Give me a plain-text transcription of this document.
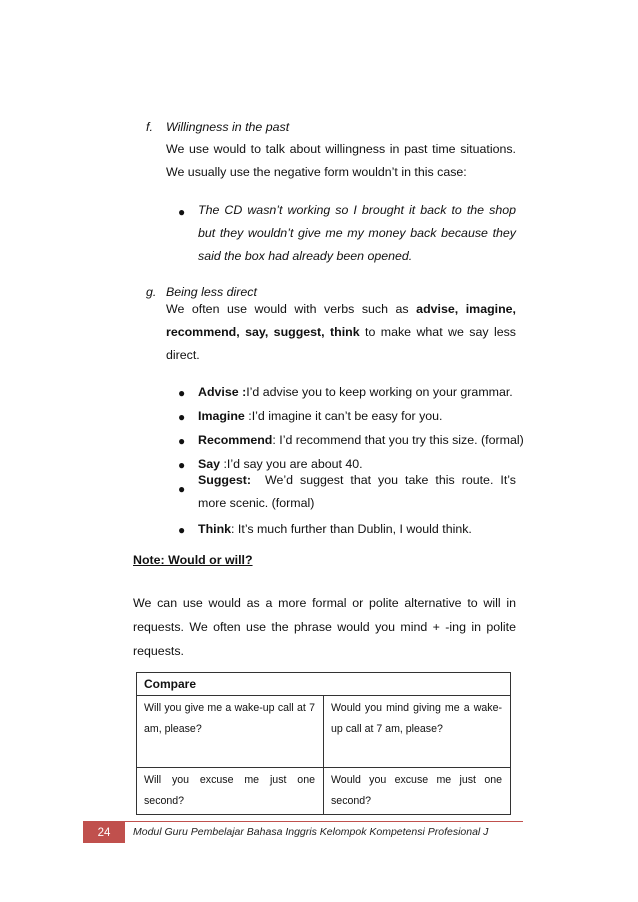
f. Willingness in the past
We use would to talk about willingness in past time situations. We usually use the negative form wouldn’t in this case:
● The CD wasn’t working so I brought it back to the shop but they wouldn’t give me my money back because they said the box had already been opened.
g. Being less direct
We often use would with verbs such as advise, imagine, recommend, say, suggest, think to make what we say less direct.
● Advise :I’d advise you to keep working on your grammar.
● Imagine :I’d imagine it can’t be easy for you.
● Recommend: I’d recommend that you try this size. (formal)
● Say :I’d say you are about 40.
●
Suggest: We’d suggest that you take this route. It’s more scenic. (formal)
● Think: It’s much further than Dublin, I would think.
Note: Would or will?
We can use would as a more formal or polite alternative to will in requests. We often use the phrase would you mind + -ing in polite requests.
Compare	
Will you give me a wake-up call at 7 am, please?	Would you mind giving me a wake-up call at 7 am, please?
Will you excuse me just one second?	Would you excuse me just one second?
24	Modul Guru Pembelajar Bahasa Inggris Kelompok Kompetensi Profesional J
